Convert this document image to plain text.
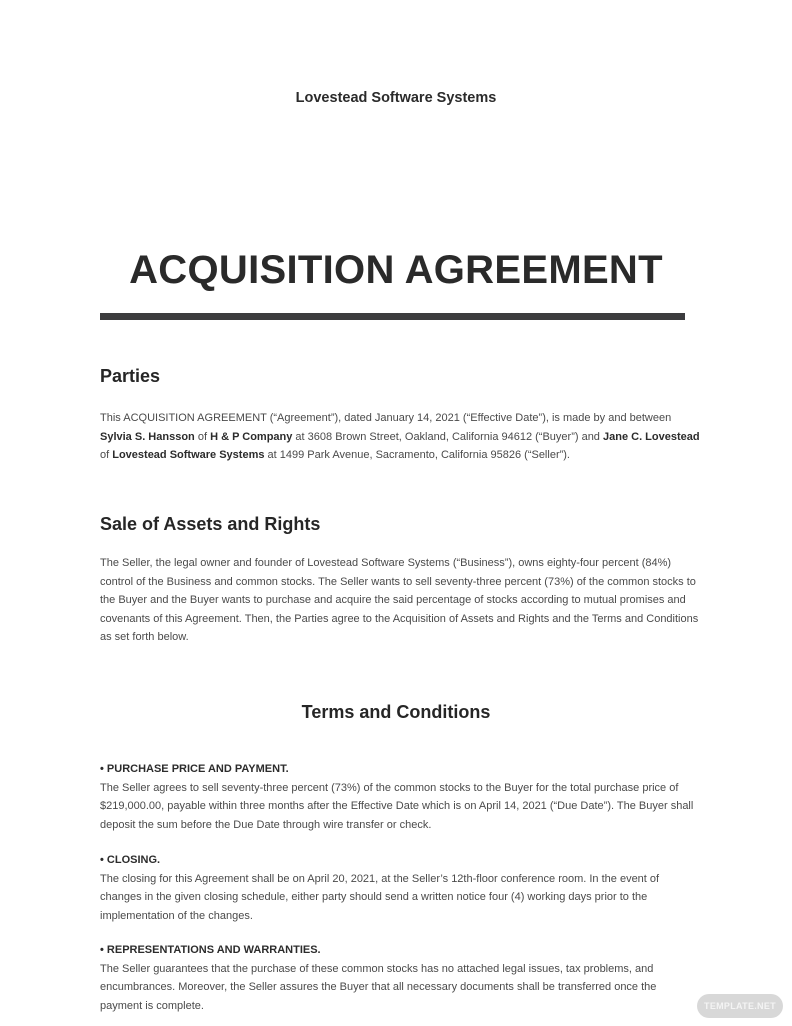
Lovestead Software Systems
ACQUISITION AGREEMENT
Parties
This ACQUISITION AGREEMENT (“Agreement”), dated January 14, 2021 (“Effective Date”), is made by and between Sylvia S. Hansson of H & P Company at 3608 Brown Street, Oakland, California 94612 (“Buyer”) and Jane C. Lovestead of Lovestead Software Systems at 1499 Park Avenue, Sacramento, California 95826 (“Seller”).
Sale of Assets and Rights
The Seller, the legal owner and founder of Lovestead Software Systems (“Business”), owns eighty-four percent (84%) control of the Business and common stocks. The Seller wants to sell seventy-three percent (73%) of the common stocks to the Buyer and the Buyer wants to purchase and acquire the said percentage of stocks according to mutual promises and covenants of this Agreement. Then, the Parties agree to the Acquisition of Assets and Rights and the Terms and Conditions as set forth below.
Terms and Conditions
• PURCHASE PRICE AND PAYMENT.
The Seller agrees to sell seventy-three percent (73%) of the common stocks to the Buyer for the total purchase price of $219,000.00, payable within three months after the Effective Date which is on April 14, 2021 (“Due Date”). The Buyer shall deposit the sum before the Due Date through wire transfer or check.
• CLOSING.
The closing for this Agreement shall be on April 20, 2021, at the Seller’s 12th-floor conference room. In the event of changes in the given closing schedule, either party should send a written notice four (4) working days prior to the implementation of the changes.
• REPRESENTATIONS AND WARRANTIES.
The Seller guarantees that the purchase of these common stocks has no attached legal issues, tax problems, and encumbrances. Moreover, the Seller assures the Buyer that all necessary documents shall be transferred once the payment is complete.	TEMPLATE.NET
